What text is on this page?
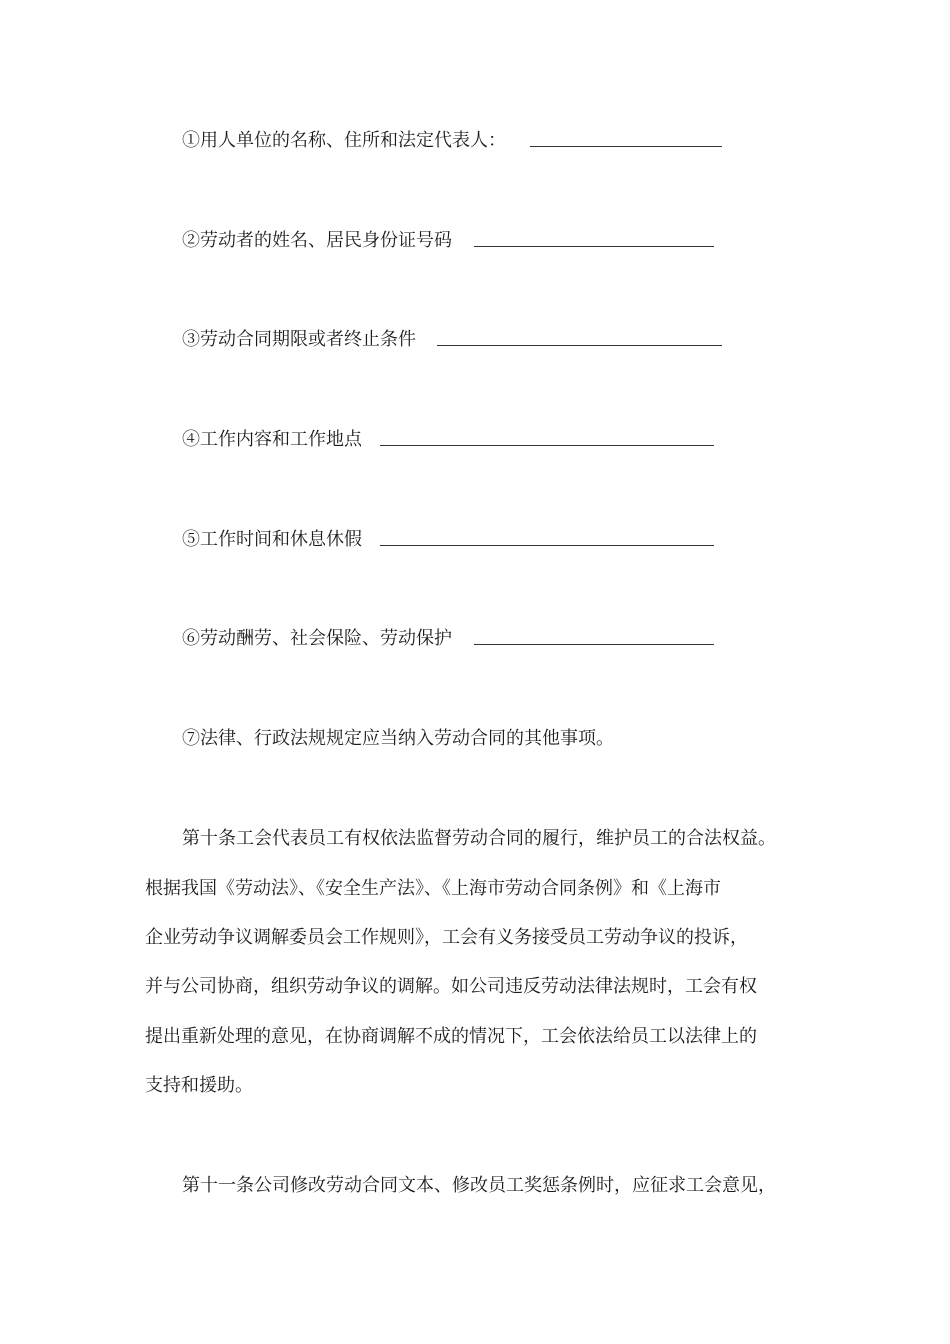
①用人单位的名称、住所和法定代表人：
②劳动者的姓名、居民身份证号码
③劳动合同期限或者终止条件
④工作内容和工作地点
⑤工作时间和休息休假
⑥劳动酬劳、社会保险、劳动保护
⑦法律、行政法规规定应当纳入劳动合同的其他事项。
第十条工会代表员工有权依法监督劳动合同的履行，维护员工的合法权益。
根据我国《劳动法》、《安全生产法》、《上海市劳动合同条例》和《上海市
企业劳动争议调解委员会工作规则》，工会有义务接受员工劳动争议的投诉，
并与公司协商，组织劳动争议的调解。如公司违反劳动法律法规时，工会有权
提出重新处理的意见，在协商调解不成的情况下，工会依法给员工以法律上的
支持和援助。
第十一条公司修改劳动合同文本、修改员工奖惩条例时，应征求工会意见，
